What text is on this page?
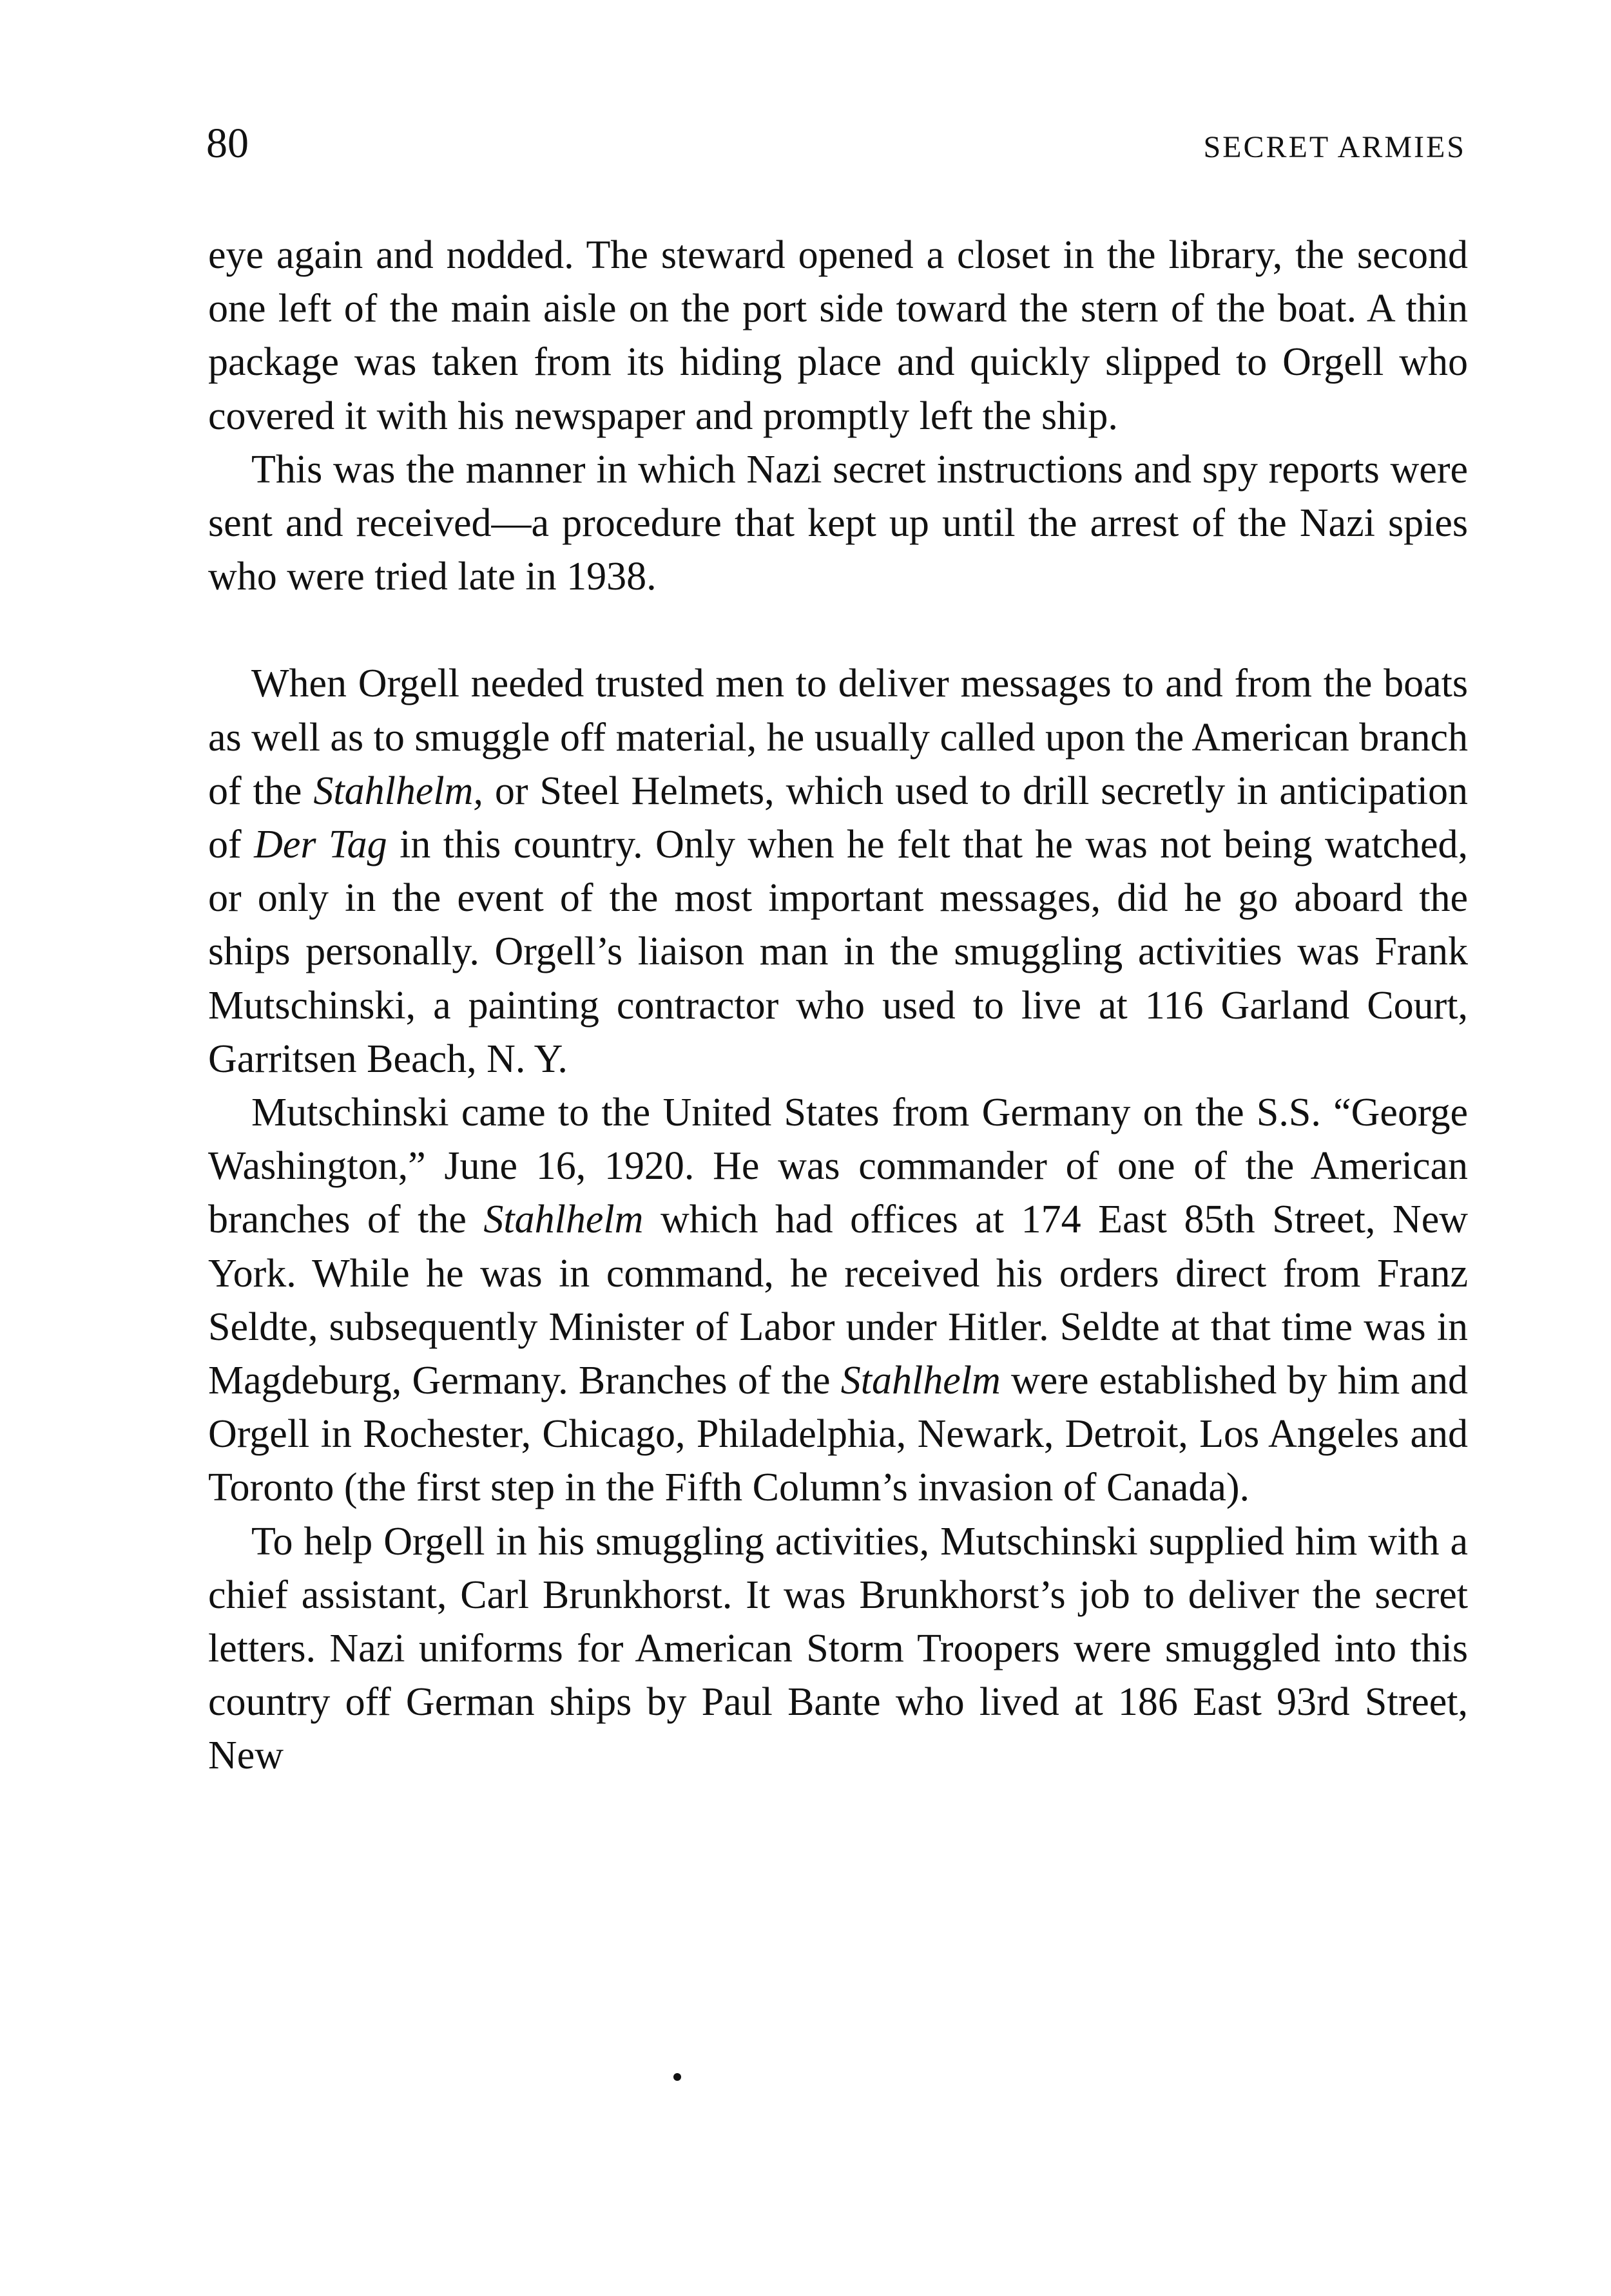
80	SECRET ARMIES

eye again and nodded. The steward opened a closet in the library, the second one left of the main aisle on the port side toward the stern of the boat. A thin package was taken from its hiding place and quickly slipped to Orgell who covered it with his newspaper and promptly left the ship.

This was the manner in which Nazi secret instructions and spy reports were sent and received—a procedure that kept up until the arrest of the Nazi spies who were tried late in 1938.

When Orgell needed trusted men to deliver messages to and from the boats as well as to smuggle off material, he usually called upon the American branch of the Stahlhelm, or Steel Helmets, which used to drill secretly in anticipation of Der Tag in this country. Only when he felt that he was not being watched, or only in the event of the most important messages, did he go aboard the ships personally. Orgell’s liaison man in the smuggling activities was Frank Mutschinski, a painting contractor who used to live at 116 Garland Court, Garritsen Beach, N. Y.

Mutschinski came to the United States from Germany on the S.S. “George Washington,” June 16, 1920. He was commander of one of the American branches of the Stahlhelm which had offices at 174 East 85th Street, New York. While he was in command, he received his orders direct from Franz Seldte, subsequently Minister of Labor under Hitler. Seldte at that time was in Magdeburg, Germany. Branches of the Stahlhelm were established by him and Orgell in Rochester, Chicago, Philadelphia, Newark, Detroit, Los Angeles and Toronto (the first step in the Fifth Column’s invasion of Canada).

To help Orgell in his smuggling activities, Mutschinski supplied him with a chief assistant, Carl Brunkhorst. It was Brunkhorst’s job to deliver the secret letters. Nazi uniforms for American Storm Troopers were smuggled into this country off German ships by Paul Bante who lived at 186 East 93rd Street, New
